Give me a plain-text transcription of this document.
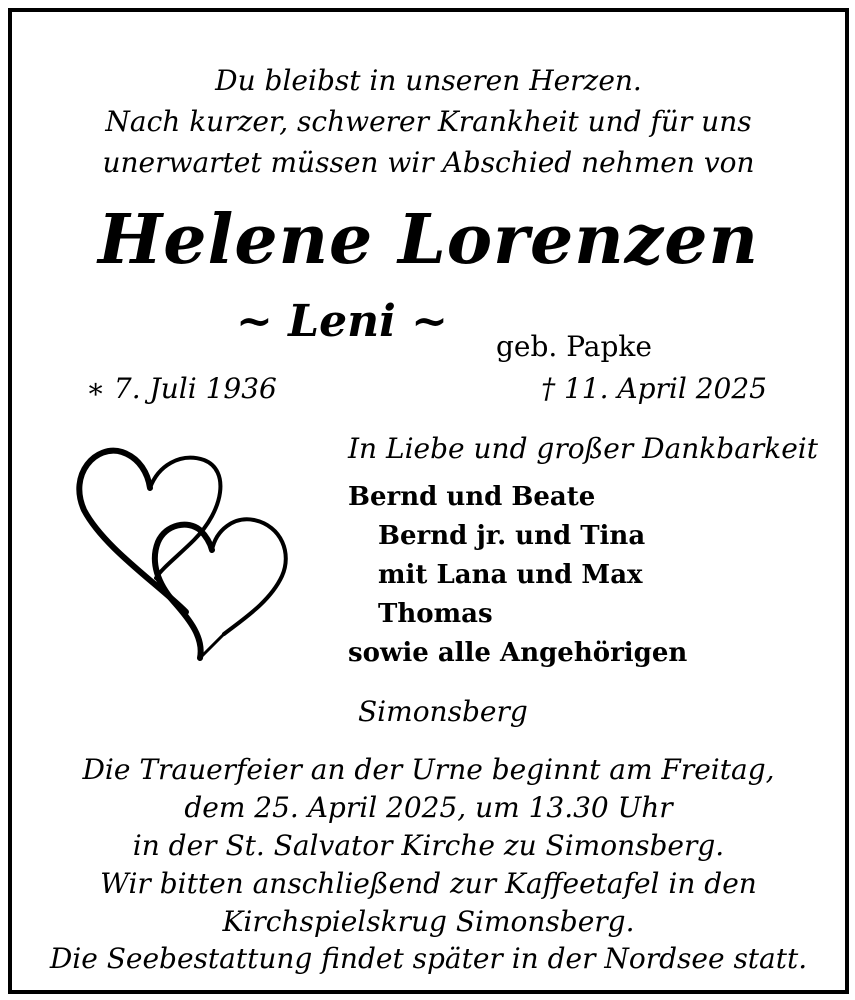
Du bleibst in unseren Herzen.
Nach kurzer, schwerer Krankheit und für uns
unerwartet müssen wir Abschied nehmen von
Helene Lorenzen
~ Leni ~ geb. Papke
∗ 7. Juli 1936	† 11. April 2025
In Liebe und großer Dankbarkeit
Bernd und Beate
Bernd jr. und Tina
mit Lana und Max
Thomas
sowie alle Angehörigen
Simonsberg
Die Trauerfeier an der Urne beginnt am Freitag,
dem 25. April 2025, um 13.30 Uhr
in der St. Salvator Kirche zu Simonsberg.
Wir bitten anschließend zur Kaffeetafel in den
Kirchspielskrug Simonsberg.
Die Seebestattung findet später in der Nordsee statt.
